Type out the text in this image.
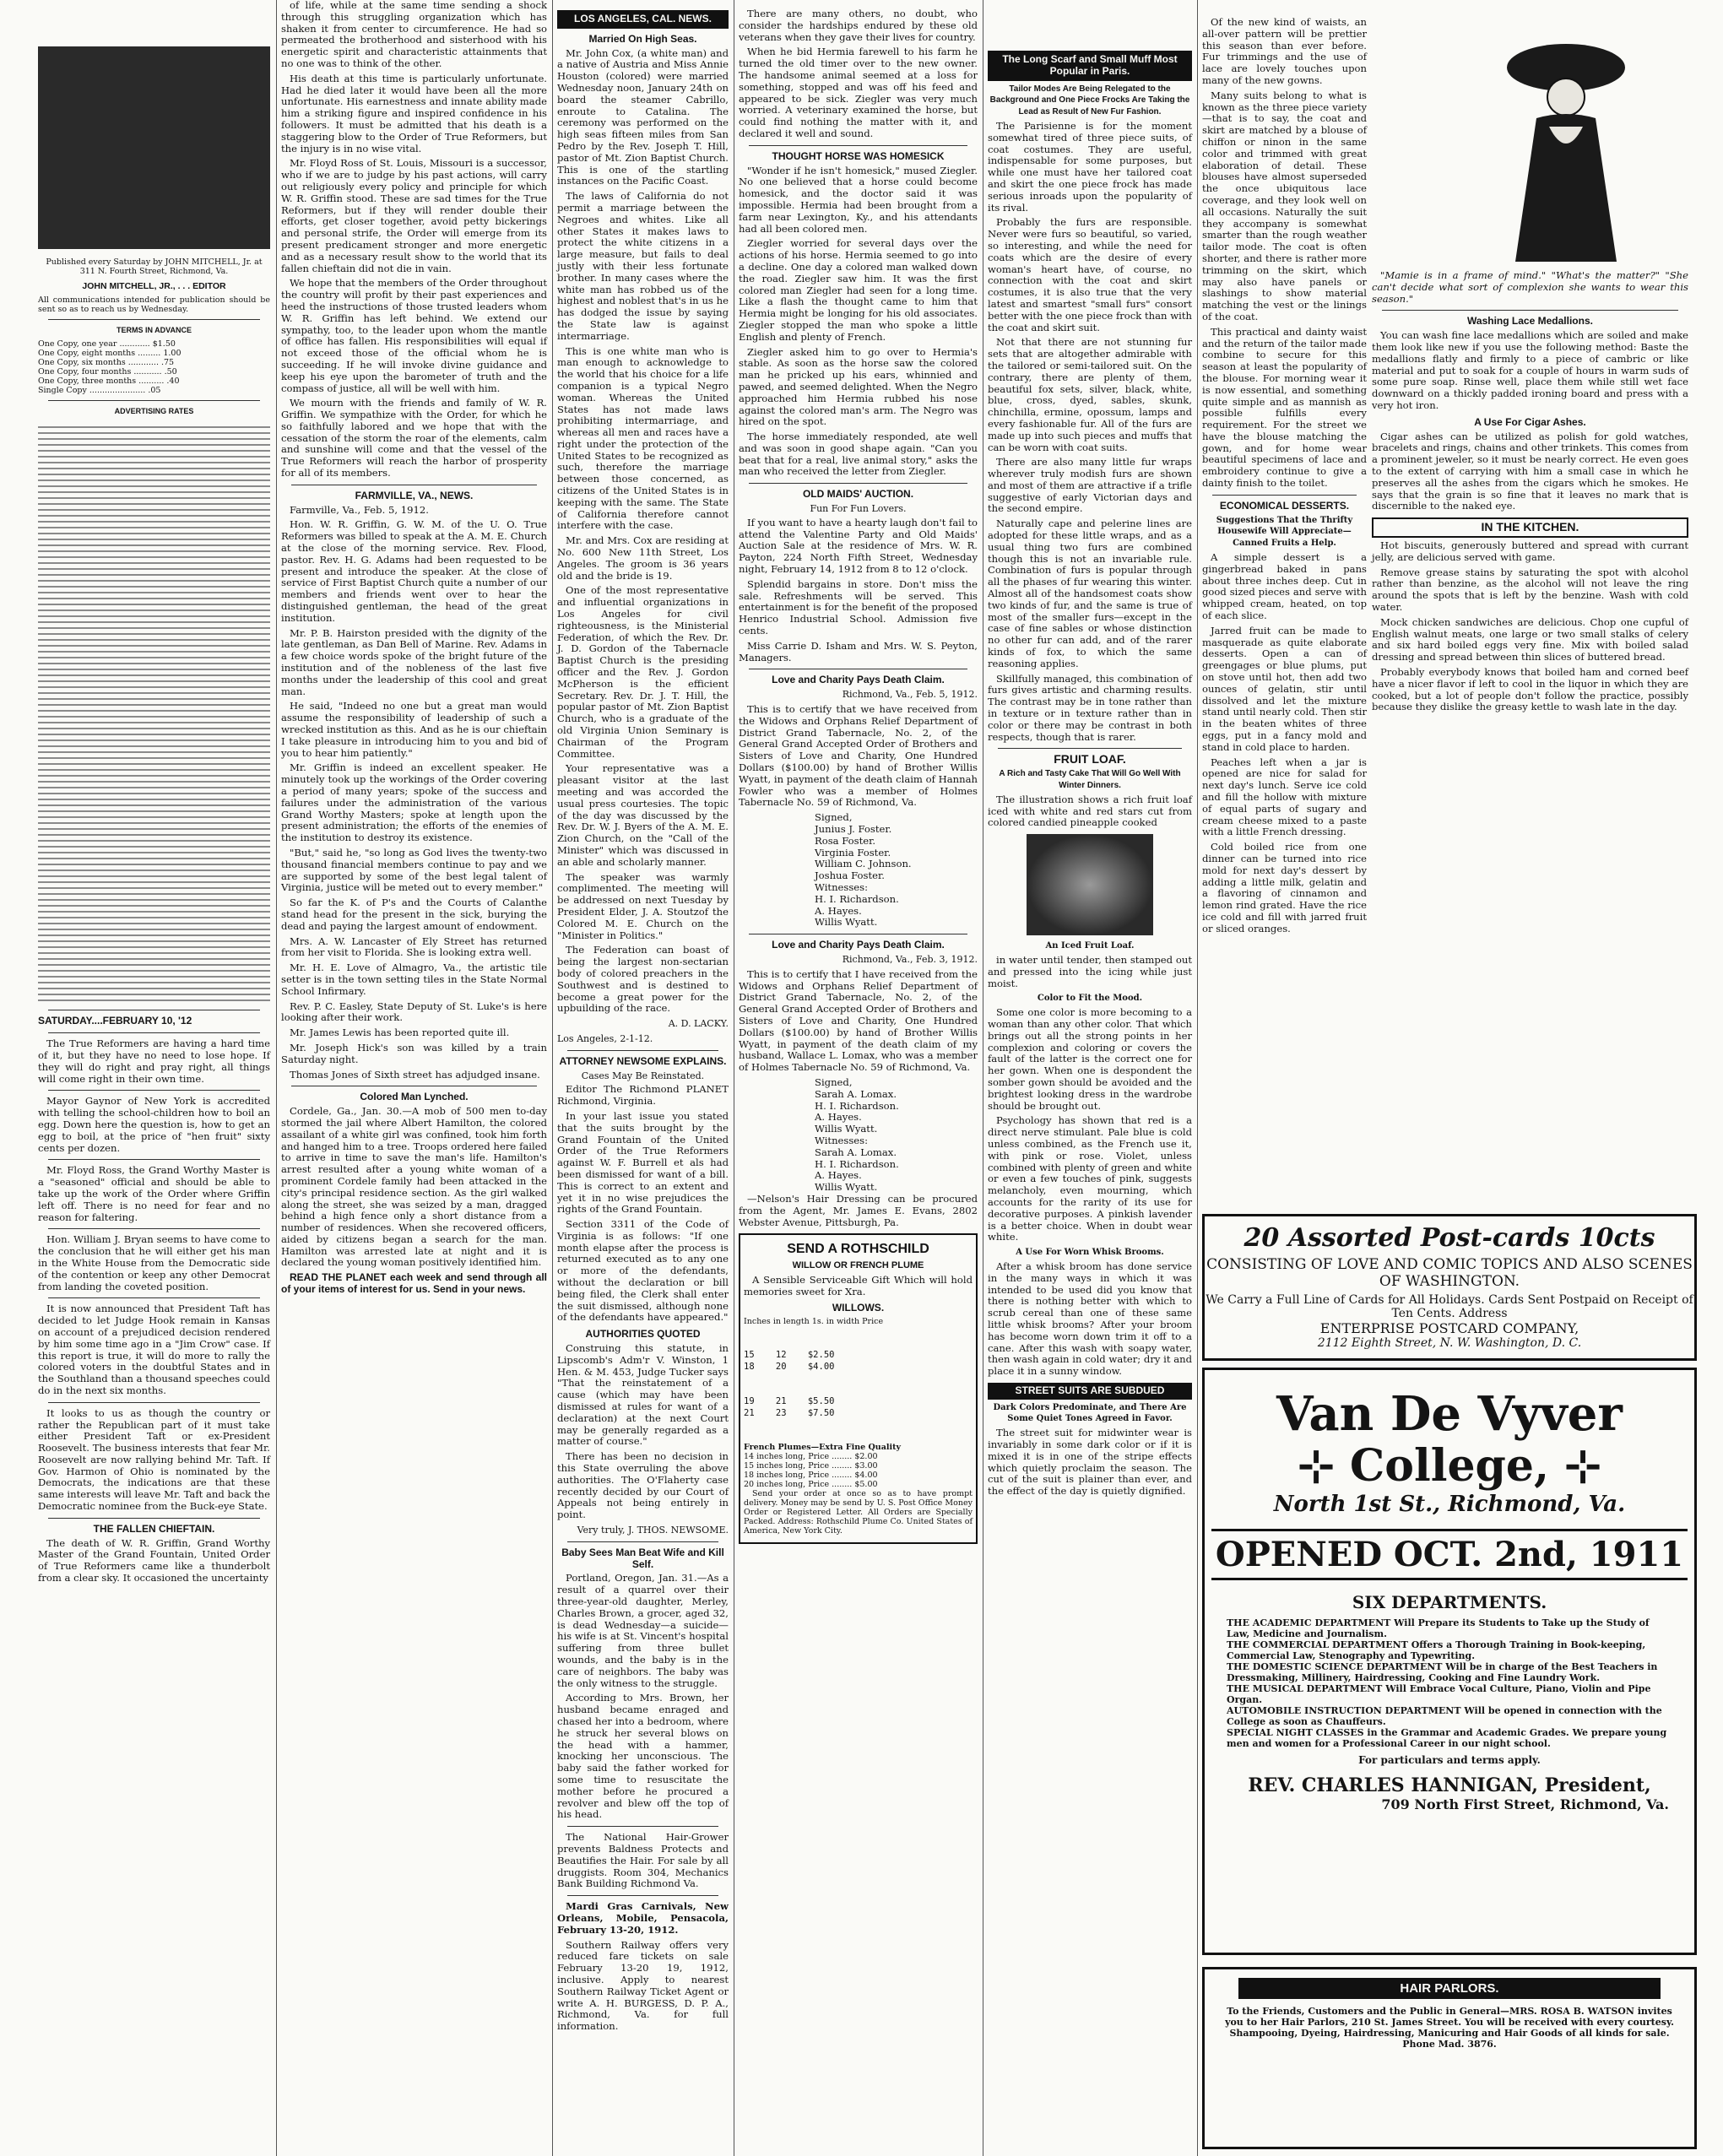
Published every Saturday by JOHN MITCHELL, Jr. at 311 N. Fourth Street, Richmond, Va.
JOHN MITCHELL, JR., . . . EDITOR
All communications intended for publication should be sent so as to reach us by Wednesday.
TERMS IN ADVANCE
One Copy, one year ............ $1.50
One Copy, eight months ......... 1.00
One Copy, six months ............ .75
One Copy, four months ........... .50
One Copy, three months .......... .40
Single Copy ...................... .05
ADVERTISING RATES
SATURDAY....FEBRUARY 10, '12

The True Reformers are having a hard time of it, but they have no need to lose hope. If they will do right and pray right, all things will come right in their own time.

Mayor Gaynor of New York is accredited with telling the school-children how to boil an egg. Down here the question is, how to get an egg to boil, at the price of "hen fruit" sixty cents per dozen.

Mr. Floyd Ross, the Grand Worthy Master is a "seasoned" official and should be able to take up the work of the Order where Griffin left off. There is no need for fear and no reason for faltering.

Hon. William J. Bryan seems to have come to the conclusion that he will either get his man in the White House from the Democratic side of the contention or keep any other Democrat from landing the coveted position.

It is now announced that President Taft has decided to let Judge Hook remain in Kansas on account of a prejudiced decision rendered by him some time ago in a "Jim Crow" case. If this report is true, it will do more to rally the colored voters in the doubtful States and in the Southland than a thousand speeches could do in the next six months.

It looks to us as though the country or rather the Republican part of it must take either President Taft or ex-President Roosevelt. The business interests that fear Mr. Roosevelt are now rallying behind Mr. Taft. If Gov. Harmon of Ohio is nominated by the Democrats, the indications are that these same interests will leave Mr. Taft and back the Democratic nominee from the Buck-eye State.

THE FALLEN CHIEFTAIN.

The death of W. R. Griffin, Grand Worthy Master of the Grand Fountain, United Order of True Reformers came like a thunderbolt from a clear sky. It occasioned the uncertainty

of life, while at the same time sending a shock through this struggling organization which has shaken it from center to circumference. He had so permeated the brotherhood and sisterhood with his energetic spirit and characteristic attainments that no one was to think of the other.

His death at this time is particularly unfortunate. Had he died later it would have been all the more unfortunate. His earnestness and innate ability made him a striking figure and inspired confidence in his followers. It must be admitted that his death is a staggering blow to the Order of True Reformers, but the injury is in no wise vital.

Mr. Floyd Ross of St. Louis, Missouri is a successor, who if we are to judge by his past actions, will carry out religiously every policy and principle for which W. R. Griffin stood. These are sad times for the True Reformers, but if they will render double their efforts, get closer together, avoid petty bickerings and personal strife, the Order will emerge from its present predicament stronger and more energetic and as a necessary result show to the world that its fallen chieftain did not die in vain.

We hope that the members of the Order throughout the country will profit by their past experiences and heed the instructions of those trusted leaders whom W. R. Griffin has left behind. We extend our sympathy, too, to the leader upon whom the mantle of office has fallen. His responsibilities will equal if not exceed those of the official whom he is succeeding. If he will invoke divine guidance and keep his eye upon the barometer of truth and the compass of justice, all will be well with him.

We mourn with the friends and family of W. R. Griffin. We sympathize with the Order, for which he so faithfully labored and we hope that with the cessation of the storm the roar of the elements, calm and sunshine will come and that the vessel of the True Reformers will reach the harbor of prosperity for all of its members.

FARMVILLE, VA., NEWS.

Farmville, Va., Feb. 5, 1912.

Hon. W. R. Griffin, G. W. M. of the U. O. True Reformers was billed to speak at the A. M. E. Church at the close of the morning service. Rev. Flood, pastor. Rev. H. G. Adams had been requested to be present and introduce the speaker. At the close of service of First Baptist Church quite a number of our members and friends went over to hear the distinguished gentleman, the head of the great institution.

Mr. P. B. Hairston presided with the dignity of the late gentleman, as Dan Bell of Marine. Rev. Adams in a few choice words spoke of the bright future of the institution and of the nobleness of the last five months under the leadership of this cool and great man.

He said, "Indeed no one but a great man would assume the responsibility of leadership of such a wrecked institution as this. And as he is our chieftain I take pleasure in introducing him to you and bid of you to hear him patiently."

Mr. Griffin is indeed an excellent speaker. He minutely took up the workings of the Order covering a period of many years; spoke of the success and failures under the administration of the various Grand Worthy Masters; spoke at length upon the present administration; the efforts of the enemies of the institution to destroy its existence.

"But," said he, "so long as God lives the twenty-two thousand financial members continue to pay and we are supported by some of the best legal talent of Virginia, justice will be meted out to every member."

So far the K. of P's and the Courts of Calanthe stand head for the present in the sick, burying the dead and paying the largest amount of endowment.

Mrs. A. W. Lancaster of Ely Street has returned from her visit to Florida. She is looking extra well.

Mr. H. E. Love of Almagro, Va., the artistic tile setter is in the town setting tiles in the State Normal School Infirmary.

Rev. P. C. Easley, State Deputy of St. Luke's is here looking after their work.

Mr. James Lewis has been reported quite ill.

Mr. Joseph Hick's son was killed by a train Saturday night.

Thomas Jones of Sixth street has adjudged insane.

Colored Man Lynched.

Cordele, Ga., Jan. 30.—A mob of 500 men to-day stormed the jail where Albert Hamilton, the colored assailant of a white girl was confined, took him forth and hanged him to a tree. Troops ordered here failed to arrive in time to save the man's life. Hamilton's arrest resulted after a young white woman of a prominent Cordele family had been attacked in the city's principal residence section. As the girl walked along the street, she was seized by a man, dragged behind a high fence only a short distance from a number of residences. When she recovered officers, aided by citizens began a search for the man. Hamilton was arrested late at night and it is declared the young woman positively identified him.

READ THE PLANET each week and send through all of your items of interest for us. Send in your news.

LOS ANGELES, CAL. NEWS.
Married On High Seas.

Mr. John Cox, (a white man) and a native of Austria and Miss Annie Houston (colored) were married Wednesday noon, January 24th on board the steamer Cabrillo, enroute to Catalina. The ceremony was performed on the high seas fifteen miles from San Pedro by the Rev. Joseph T. Hill, pastor of Mt. Zion Baptist Church. This is one of the startling instances on the Pacific Coast.

The laws of California do not permit a marriage between the Negroes and whites. Like all other States it makes laws to protect the white citizens in a large measure, but fails to deal justly with their less fortunate brother. In many cases where the white man has robbed us of the highest and noblest that's in us he has dodged the issue by saying the State law is against intermarriage.

This is one white man who is man enough to acknowledge to the world that his choice for a life companion is a typical Negro woman. Whereas the United States has not made laws prohibiting intermarriage, and whereas all men and races have a right under the protection of the United States to be recognized as such, therefore the marriage between those concerned, as citizens of the United States is in keeping with the same. The State of California therefore cannot interfere with the case.

Mr. and Mrs. Cox are residing at No. 600 New 11th Street, Los Angeles. The groom is 36 years old and the bride is 19.

One of the most representative and influential organizations in Los Angeles for civil righteousness, is the Ministerial Federation, of which the Rev. Dr. J. D. Gordon of the Tabernacle Baptist Church is the presiding officer and the Rev. J. Gordon McPherson is the efficient Secretary. Rev. Dr. J. T. Hill, the popular pastor of Mt. Zion Baptist Church, who is a graduate of the old Virginia Union Seminary is Chairman of the Program Committee.

Your representative was a pleasant visitor at the last meeting and was accorded the usual press courtesies. The topic of the day was discussed by the Rev. Dr. W. J. Byers of the A. M. E. Zion Church, on the "Call of the Minister" which was discussed in an able and scholarly manner.

The speaker was warmly complimented. The meeting will be addressed on next Tuesday by President Elder, J. A. Stoutzof the Colored M. E. Church on the "Minister in Politics."

The Federation can boast of being the largest non-sectarian body of colored preachers in the Southwest and is destined to become a great power for the upbuilding of the race.

A. D. LACKY.
Los Angeles, 2-1-12.
ATTORNEY NEWSOME EXPLAINS.
Cases May Be Reinstated.

Editor The Richmond PLANET Richmond, Virginia.

In your last issue you stated that the suits brought by the Grand Fountain of the United Order of the True Reformers against W. F. Burrell et als had been dismissed for want of a bill. This is correct to an extent and yet it in no wise prejudices the rights of the Grand Fountain.

Section 3311 of the Code of Virginia is as follows: "If one month elapse after the process is returned executed as to any one or more of the defendants, without the declaration or bill being filed, the Clerk shall enter the suit dismissed, although none of the defendants have appeared."

AUTHORITIES QUOTED

Construing this statute, in Lipscomb's Adm'r V. Winston, 1 Hen. & M. 453, Judge Tucker says "That the reinstatement of a cause (which may have been dismissed at rules for want of a declaration) at the next Court may be generally regarded as a matter of course."

There has been no decision in this State overruling the above authorities. The O'Flaherty case recently decided by our Court of Appeals not being entirely in point.

Very truly, J. THOS. NEWSOME.
Baby Sees Man Beat Wife and Kill Self.

Portland, Oregon, Jan. 31.—As a result of a quarrel over their three-year-old daughter, Merley, Charles Brown, a grocer, aged 32, is dead Wednesday—a suicide—his wife is at St. Vincent's hospital suffering from three bullet wounds, and the baby is in the care of neighbors. The baby was the only witness to the struggle.

According to Mrs. Brown, her husband became enraged and chased her into a bedroom, where he struck her several blows on the head with a hammer, knocking her unconscious. The baby said the father worked for some time to resuscitate the mother before he procured a revolver and blew off the top of his head.

The National Hair-Grower prevents Baldness Protects and Beautifies the Hair. For sale by all druggists. Room 304, Mechanics Bank Building Richmond Va.

Mardi Gras Carnivals, New Orleans, Mobile, Pensacola, February 13-20, 1912.

Southern Railway offers very reduced fare tickets on sale February 13-20 19, 1912, inclusive. Apply to nearest Southern Railway Ticket Agent or write A. H. BURGESS, D. P. A., Richmond, Va. for full information.

There are many others, no doubt, who consider the hardships endured by these old veterans when they gave their lives for country.

When he bid Hermia farewell to his farm he turned the old timer over to the new owner. The handsome animal seemed at a loss for something, stopped and was off his feed and appeared to be sick. Ziegler was very much worried. A veterinary examined the horse, but could find nothing the matter with it, and declared it well and sound.

THOUGHT HORSE WAS HOMESICK

"Wonder if he isn't homesick," mused Ziegler. No one believed that a horse could become homesick, and the doctor said it was impossible. Hermia had been brought from a farm near Lexington, Ky., and his attendants had all been colored men.

Ziegler worried for several days over the actions of his horse. Hermia seemed to go into a decline. One day a colored man walked down the road. Ziegler saw him. It was the first colored man Ziegler had seen for a long time. Like a flash the thought came to him that Hermia might be longing for his old associates. Ziegler stopped the man who spoke a little English and plenty of French.

Ziegler asked him to go over to Hermia's stable. As soon as the horse saw the colored man he pricked up his ears, whinnied and pawed, and seemed delighted. When the Negro approached him Hermia rubbed his nose against the colored man's arm. The Negro was hired on the spot.

The horse immediately responded, ate well and was soon in good shape again. "Can you beat that for a real, live animal story," asks the man who received the letter from Ziegler.

OLD MAIDS' AUCTION.
Fun For Fun Lovers.

If you want to have a hearty laugh don't fail to attend the Valentine Party and Old Maids' Auction Sale at the residence of Mrs. W. R. Payton, 224 North Fifth Street, Wednesday night, February 14, 1912 from 8 to 12 o'clock.

Splendid bargains in store. Don't miss the sale. Refreshments will be served. This entertainment is for the benefit of the proposed Henrico Industrial School. Admission five cents.

Miss Carrie D. Isham and Mrs. W. S. Peyton, Managers.

Love and Charity Pays Death Claim.
Richmond, Va., Feb. 5, 1912.

This is to certify that we have received from the Widows and Orphans Relief Department of District Grand Tabernacle, No. 2, of the General Grand Accepted Order of Brothers and Sisters of Love and Charity, One Hundred Dollars ($100.00) by hand of Brother Willis Wyatt, in payment of the death claim of Hannah Fowler who was a member of Holmes Tabernacle No. 59 of Richmond, Va.

Signed,
Junius J. Foster.
Rosa Foster.
Virginia Foster.
William C. Johnson.
Joshua Foster.
Witnesses:
H. I. Richardson.
A. Hayes.
Willis Wyatt.
Love and Charity Pays Death Claim.
Richmond, Va., Feb. 3, 1912.

This is to certify that I have received from the Widows and Orphans Relief Department of District Grand Tabernacle, No. 2, of the General Grand Accepted Order of Brothers and Sisters of Love and Charity, One Hundred Dollars ($100.00) by hand of Brother Willis Wyatt, in payment of the death claim of my husband, Wallace L. Lomax, who was a member of Holmes Tabernacle No. 59 of Richmond, Va.

Signed,
Sarah A. Lomax.
H. I. Richardson.
A. Hayes.
Willis Wyatt.
Witnesses:
Sarah A. Lomax.
H. I. Richardson.
A. Hayes.
Willis Wyatt.

—Nelson's Hair Dressing can be procured from the Agent, Mr. James E. Evans, 2802 Webster Avenue, Pittsburgh, Pa.

SEND A ROTHSCHILD
WILLOW OR FRENCH PLUME

A Sensible Serviceable Gift Which will hold memories sweet for Xra.

WILLOWS.
Inches in length 1s. in width Price

15    12    $2.50
18    20    $4.00

19    21    $5.50
21    23    $7.50

French Plumes—Extra Fine Quality
14 inches long, Price ........ $2.00
15 inches long, Price ........ $3.00
18 inches long, Price ........ $4.00
20 inches long, Price ........ $5.00

Send your order at once so as to have prompt delivery. Money may be send by U. S. Post Office Money Order or Registered Letter. All Orders are Specially Packed. Address: Rothschild Plume Co. United States of America, New York City.

The Long Scarf and Small Muff Most Popular in Paris.
Tailor Modes Are Being Relegated to the Background and One Piece Frocks Are Taking the Lead as Result of New Fur Fashion.

The Parisienne is for the moment somewhat tired of three piece suits, of coat costumes. They are useful, indispensable for some purposes, but while one must have her tailored coat and skirt the one piece frock has made serious inroads upon the popularity of its rival.

Probably the furs are responsible. Never were furs so beautiful, so varied, so interesting, and while the need for coats which are the desire of every woman's heart have, of course, no connection with the coat and skirt costumes, it is also true that the very latest and smartest "small furs" consort better with the one piece frock than with the coat and skirt suit.

Not that there are not stunning fur sets that are altogether admirable with the tailored or semi-tailored suit. On the contrary, there are plenty of them, beautiful fox sets, silver, black, white, blue, cross, dyed, sables, skunk, chinchilla, ermine, opossum, lamps and every fashionable fur. All of the furs are made up into such pieces and muffs that can be worn with coat suits.

There are also many little fur wraps wherever truly modish furs are shown and most of them are attractive if a trifle suggestive of early Victorian days and the second empire.

Naturally cape and pelerine lines are adopted for these little wraps, and as a usual thing two furs are combined though this is not an invariable rule. Combination of furs is popular through all the phases of fur wearing this winter. Almost all of the handsomest coats show two kinds of fur, and the same is true of most of the smaller furs—except in the case of fine sables or whose distinction no other fur can add, and of the rarer kinds of fox, to which the same reasoning applies.

Skillfully managed, this combination of furs gives artistic and charming results. The contrast may be in tone rather than in texture or in texture rather than in color or there may be contrast in both respects, though that is rarer.

FRUIT LOAF.
A Rich and Tasty Cake That Will Go Well With Winter Dinners.

The illustration shows a rich fruit loaf iced with white and red stars cut from colored candied pineapple cooked

An Iced Fruit Loaf.

in water until tender, then stamped out and pressed into the icing while just moist.

Color to Fit the Mood.

Some one color is more becoming to a woman than any other color. That which brings out all the strong points in her complexion and coloring or covers the fault of the latter is the correct one for her gown. When one is despondent the somber gown should be avoided and the brightest looking dress in the wardrobe should be brought out.

Psychology has shown that red is a direct nerve stimulant. Pale blue is cold unless combined, as the French use it, with pink or rose. Violet, unless combined with plenty of green and white or even a few touches of pink, suggests melancholy, even mourning, which accounts for the rarity of its use for decorative purposes. A pinkish lavender is a better choice. When in doubt wear white.

A Use For Worn Whisk Brooms.

After a whisk broom has done service in the many ways in which it was intended to be used did you know that there is nothing better with which to scrub cereal than one of these same little whisk brooms? After your broom has become worn down trim it off to a cane. After this wash with soapy water, then wash again in cold water; dry it and place it in a sunny window.

STREET SUITS ARE SUBDUED
Dark Colors Predominate, and There Are Some Quiet Tones Agreed in Favor.

The street suit for midwinter wear is invariably in some dark color or if it is mixed it is in one of the stripe effects which quietly proclaim the season. The cut of the suit is plainer than ever, and the effect of the day is quietly dignified.

Of the new kind of waists, an all-over pattern will be prettier this season than ever before. Fur trimmings and the use of lace are lovely touches upon many of the new gowns.

Many suits belong to what is known as the three piece variety—that is to say, the coat and skirt are matched by a blouse of chiffon or ninon in the same color and trimmed with great elaboration of detail. These blouses have almost superseded the once ubiquitous lace coverage, and they look well on all occasions. Naturally the suit they accompany is somewhat smarter than the rough weather tailor mode. The coat is often shorter, and there is rather more trimming on the skirt, which may also have panels or slashings to show material matching the vest or the linings of the coat.

This practical and dainty waist and the return of the tailor made combine to secure for this season at least the popularity of the blouse. For morning wear it is now essential, and something quite simple and as mannish as possible fulfills every requirement. For the street we have the blouse matching the gown, and for home wear beautiful specimens of lace and embroidery continue to give a dainty finish to the toilet.

ECONOMICAL DESSERTS.
Suggestions That the Thrifty Housewife Will Appreciate—Canned Fruits a Help.

A simple dessert is a gingerbread baked in pans about three inches deep. Cut in good sized pieces and serve with whipped cream, heated, on top of each slice.

Jarred fruit can be made to masquerade as quite elaborate desserts. Open a can of greengages or blue plums, put on stove until hot, then add two ounces of gelatin, stir until dissolved and let the mixture stand until nearly cold. Then stir in the beaten whites of three eggs, put in a fancy mold and stand in cold place to harden.

Peaches left when a jar is opened are nice for salad for next day's lunch. Serve ice cold and fill the hollow with mixture of equal parts of sugary and cream cheese mixed to a paste with a little French dressing.

Cold boiled rice from one dinner can be turned into rice mold for next day's dessert by adding a little milk, gelatin and a flavoring of cinnamon and lemon rind grated. Have the rice ice cold and fill with jarred fruit or sliced oranges.

"Mamie is in a frame of mind." "What's the matter?" "She can't decide what sort of complexion she wants to wear this season."

Washing Lace Medallions.

You can wash fine lace medallions which are soiled and make them look like new if you use the following method: Baste the medallions flatly and firmly to a piece of cambric or like material and put to soak for a couple of hours in warm suds of some pure soap. Rinse well, place them while still wet face downward on a thickly padded ironing board and press with a very hot iron.

A Use For Cigar Ashes.

Cigar ashes can be utilized as polish for gold watches, bracelets and rings, chains and other trinkets. This comes from a prominent jeweler, so it must be nearly correct. He even goes to the extent of carrying with him a small case in which he preserves all the ashes from the cigars which he smokes. He says that the grain is so fine that it leaves no mark that is discernible to the naked eye.

IN THE KITCHEN.

Hot biscuits, generously buttered and spread with currant jelly, are delicious served with game.

Remove grease stains by saturating the spot with alcohol rather than benzine, as the alcohol will not leave the ring around the spots that is left by the benzine. Wash with cold water.

Mock chicken sandwiches are delicious. Chop one cupful of English walnut meats, one large or two small stalks of celery and six hard boiled eggs very fine. Mix with boiled salad dressing and spread between thin slices of buttered bread.

Probably everybody knows that boiled ham and corned beef have a nicer flavor if left to cool in the liquor in which they are cooked, but a lot of people don't follow the practice, possibly because they dislike the greasy kettle to wash late in the day.

20 Assorted Post-cards 10cts
CONSISTING OF LOVE AND COMIC TOPICS AND ALSO SCENES OF WASHINGTON.
We Carry a Full Line of Cards for All Holidays. Cards Sent Postpaid on Receipt of Ten Cents. Address
ENTERPRISE POSTCARD COMPANY,
2112 Eighth Street, N. W. Washington, D. C.
Van De Vyver
⊹ College, ⊹
North 1st St., Richmond, Va.
OPENED OCT. 2nd, 1911
SIX DEPARTMENTS.
THE ACADEMIC DEPARTMENT Will Prepare its Students to Take up the Study of Law, Medicine and Journalism.
THE COMMERCIAL DEPARTMENT Offers a Thorough Training in Book-keeping, Commercial Law, Stenography and Typewriting.
THE DOMESTIC SCIENCE DEPARTMENT Will be in charge of the Best Teachers in Dressmaking, Millinery, Hairdressing, Cooking and Fine Laundry Work.
THE MUSICAL DEPARTMENT Will Embrace Vocal Culture, Piano, Violin and Pipe Organ.
AUTOMOBILE INSTRUCTION DEPARTMENT Will be opened in connection with the College as soon as Chauffeurs.
SPECIAL NIGHT CLASSES in the Grammar and Academic Grades. We prepare young men and women for a Professional Career in our night school.
For particulars and terms apply.
REV. CHARLES HANNIGAN, President,
709 North First Street, Richmond, Va.
HAIR PARLORS.
To the Friends, Customers and the Public in General—MRS. ROSA B. WATSON invites you to her Hair Parlors, 210 St. James Street. You will be received with every courtesy. Shampooing, Dyeing, Hairdressing, Manicuring and Hair Goods of all kinds for sale. Phone Mad. 3876.
